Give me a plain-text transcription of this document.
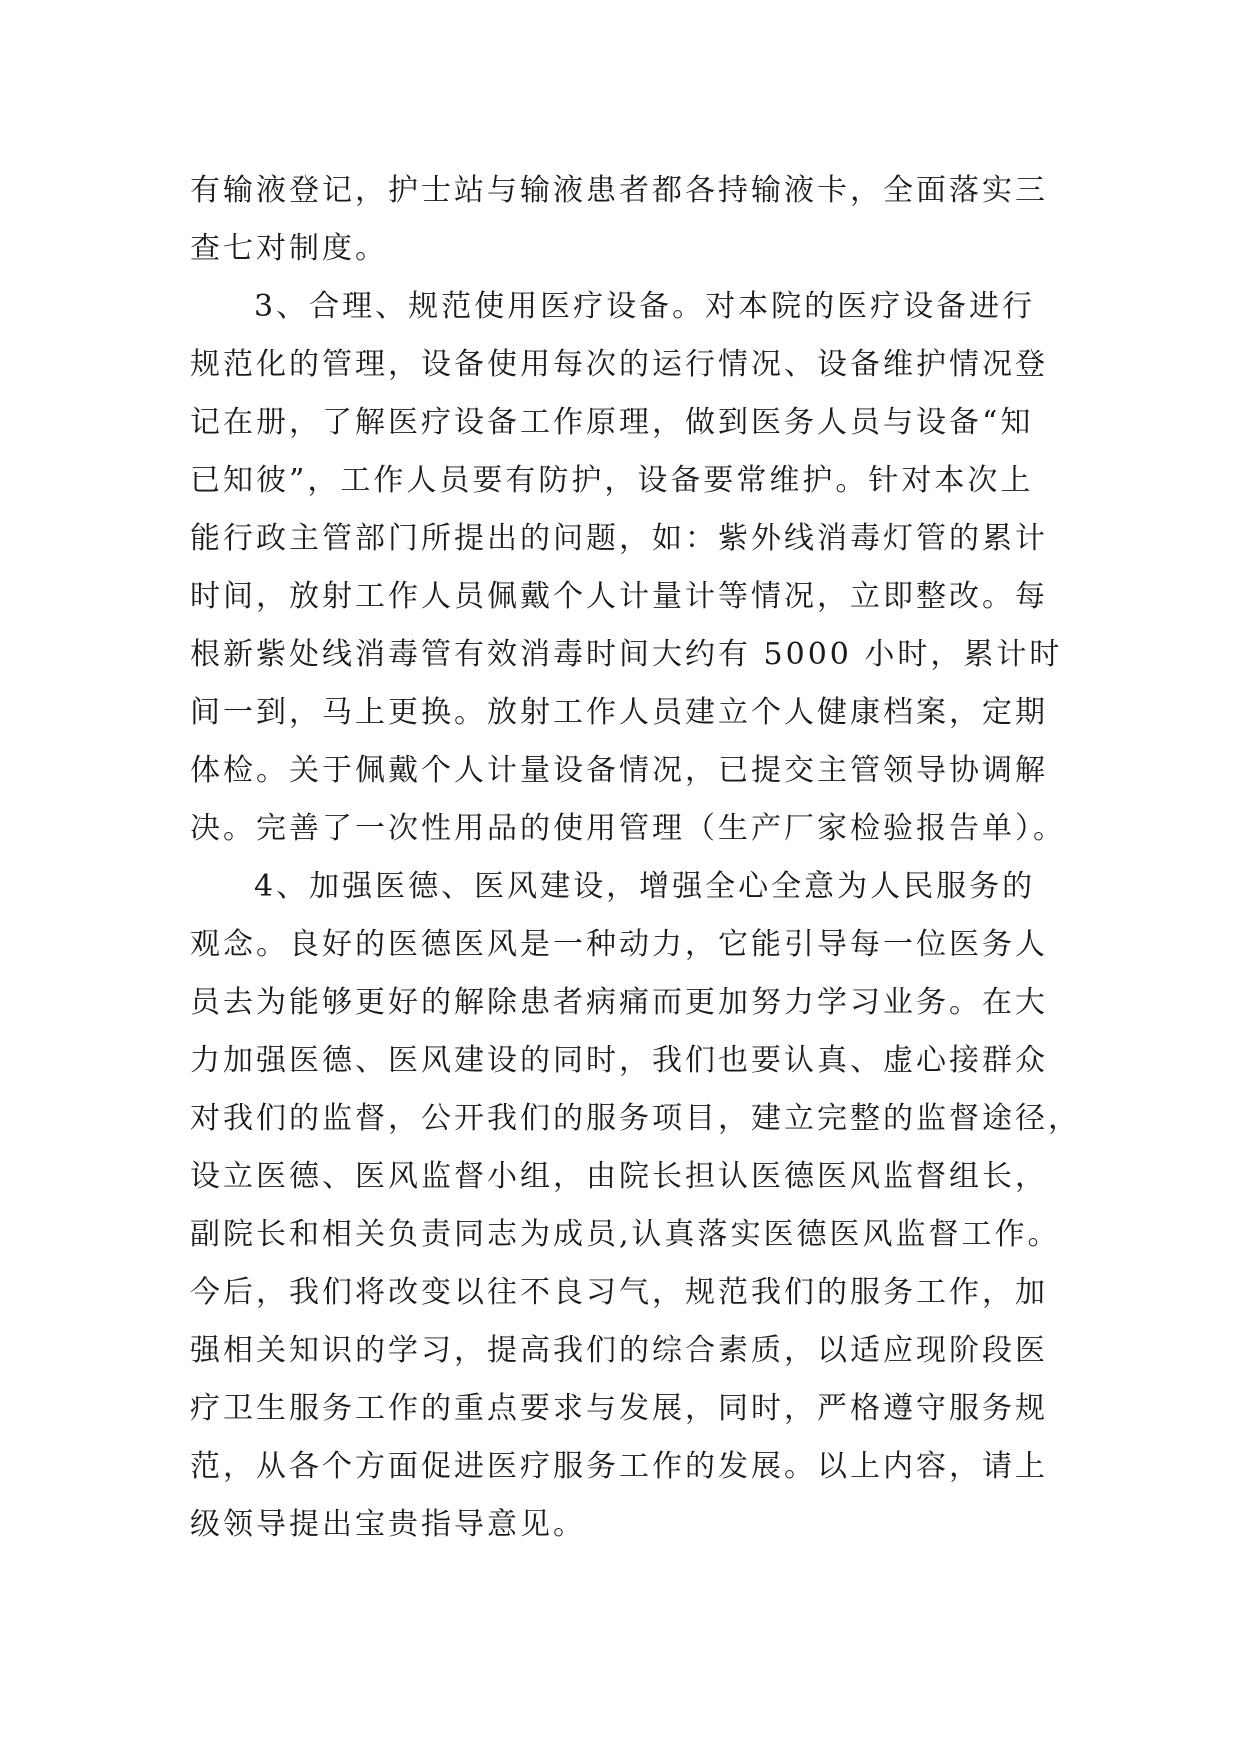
有输液登记，护士站与输液患者都各持输液卡，全面落实三
查七对制度。
3、合理、规范使用医疗设备。对本院的医疗设备进行
规范化的管理，设备使用每次的运行情况、设备维护情况登
记在册，了解医疗设备工作原理，做到医务人员与设备“知
已知彼”，工作人员要有防护，设备要常维护。针对本次上
能行政主管部门所提出的问题，如：紫外线消毒灯管的累计
时间，放射工作人员佩戴个人计量计等情况，立即整改。每
根新紫处线消毒管有效消毒时间大约有 5000 小时，累计时
间一到，马上更换。放射工作人员建立个人健康档案，定期
体检。关于佩戴个人计量设备情况，已提交主管领导协调解
决。完善了一次性用品的使用管理（生产厂家检验报告单）。
4、加强医德、医风建设，增强全心全意为人民服务的
观念。良好的医德医风是一种动力，它能引导每一位医务人
员去为能够更好的解除患者病痛而更加努力学习业务。在大
力加强医德、医风建设的同时，我们也要认真、虚心接群众
对我们的监督，公开我们的服务项目，建立完整的监督途径，
设立医德、医风监督小组，由院长担认医德医风监督组长，
副院长和相关负责同志为成员,认真落实医德医风监督工作。
今后，我们将改变以往不良习气，规范我们的服务工作，加
强相关知识的学习，提高我们的综合素质，以适应现阶段医
疗卫生服务工作的重点要求与发展，同时，严格遵守服务规
范，从各个方面促进医疗服务工作的发展。以上内容，请上
级领导提出宝贵指导意见。
